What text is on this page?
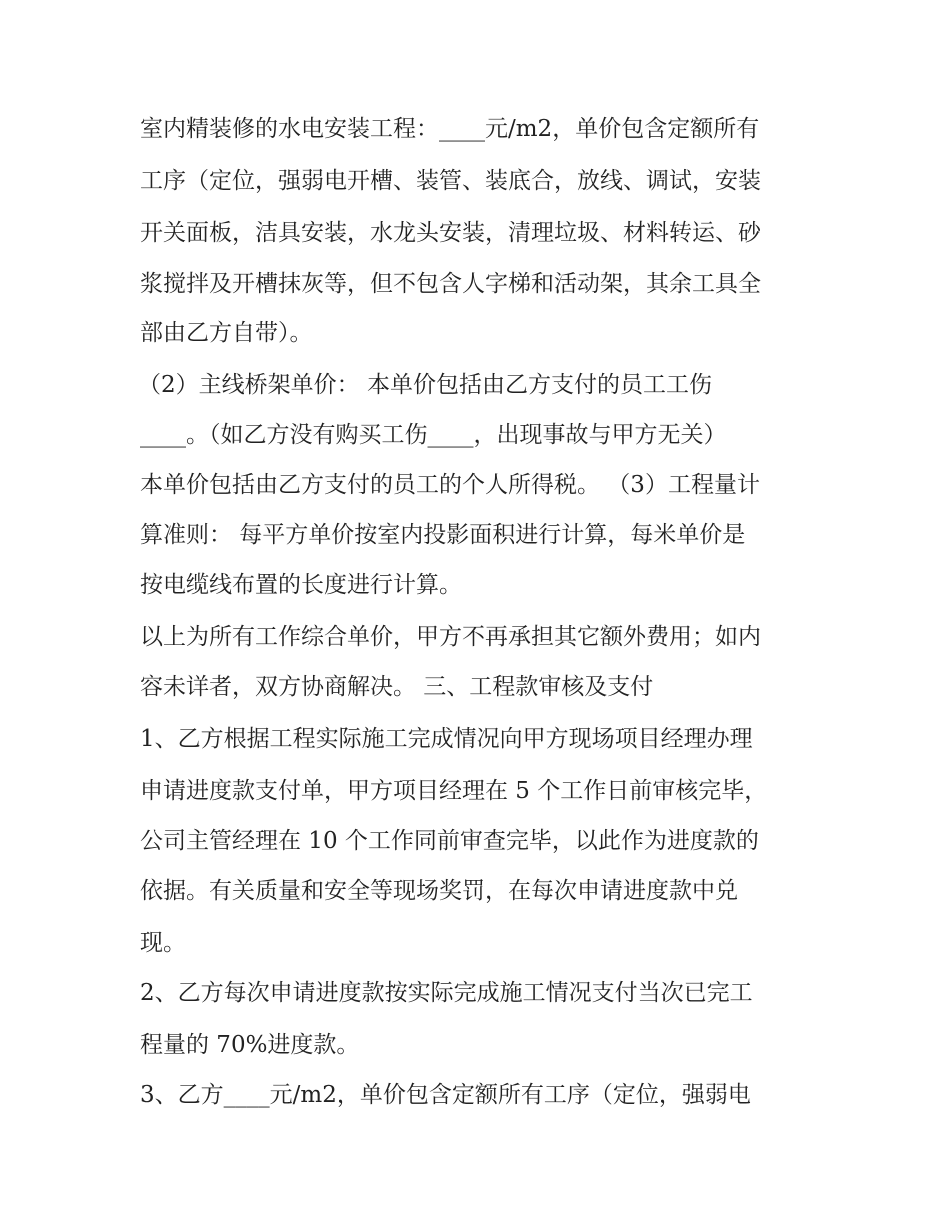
室内精装修的水电安装工程：____元/m2，单价包含定额所有
工序（定位，强弱电开槽、装管、装底合，放线、调试，安装
开关面板，洁具安装，水龙头安装，清理垃圾、材料转运、砂
浆搅拌及开槽抹灰等，但不包含人字梯和活动架，其余工具全
部由乙方自带）。
（2）主线桥架单价： 本单价包括由乙方支付的员工工伤
____。（如乙方没有购买工伤____，出现事故与甲方无关）
本单价包括由乙方支付的员工的个人所得税。 （3）工程量计
算准则： 每平方单价按室内投影面积进行计算，每米单价是
按电缆线布置的长度进行计算。
以上为所有工作综合单价，甲方不再承担其它额外费用；如内
容未详者，双方协商解决。 三、工程款审核及支付
1、乙方根据工程实际施工完成情况向甲方现场项目经理办理
申请进度款支付单，甲方项目经理在 5 个工作日前审核完毕，
公司主管经理在 10 个工作同前审查完毕，以此作为进度款的
依据。有关质量和安全等现场奖罚，在每次申请进度款中兑
现。
2、乙方每次申请进度款按实际完成施工情况支付当次已完工
程量的 70%进度款。
3、乙方____元/m2，单价包含定额所有工序（定位，强弱电
